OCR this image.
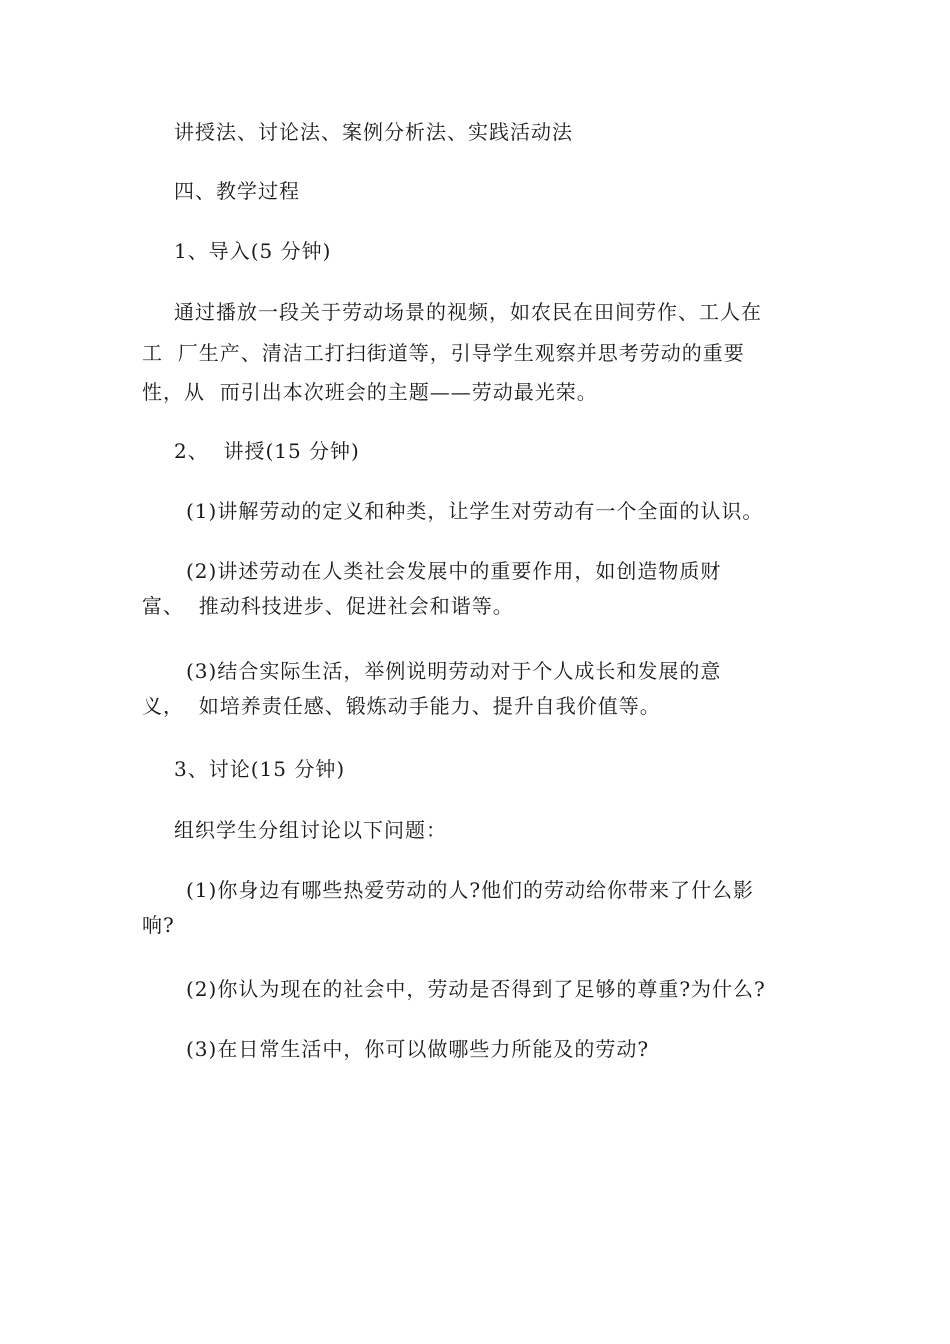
讲授法、讨论法、案例分析法、实践活动法
四、教学过程
1、导入(5 分钟)
通过播放一段关于劳动场景的视频，如农民在田间劳作、工人在
工  厂生产、清洁工打扫街道等，引导学生观察并思考劳动的重要
性，从  而引出本次班会的主题——劳动最光荣。
2、  讲授(15 分钟)
(1)讲解劳动的定义和种类，让学生对劳动有一个全面的认识。
(2)讲述劳动在人类社会发展中的重要作用，如创造物质财
富、  推动科技进步、促进社会和谐等。
(3)结合实际生活，举例说明劳动对于个人成长和发展的意
义，  如培养责任感、锻炼动手能力、提升自我价值等。
3、讨论(15 分钟)
组织学生分组讨论以下问题：
(1)你身边有哪些热爱劳动的人?他们的劳动给你带来了什么影
响?
(2)你认为现在的社会中，劳动是否得到了足够的尊重?为什么?
(3)在日常生活中，你可以做哪些力所能及的劳动?
